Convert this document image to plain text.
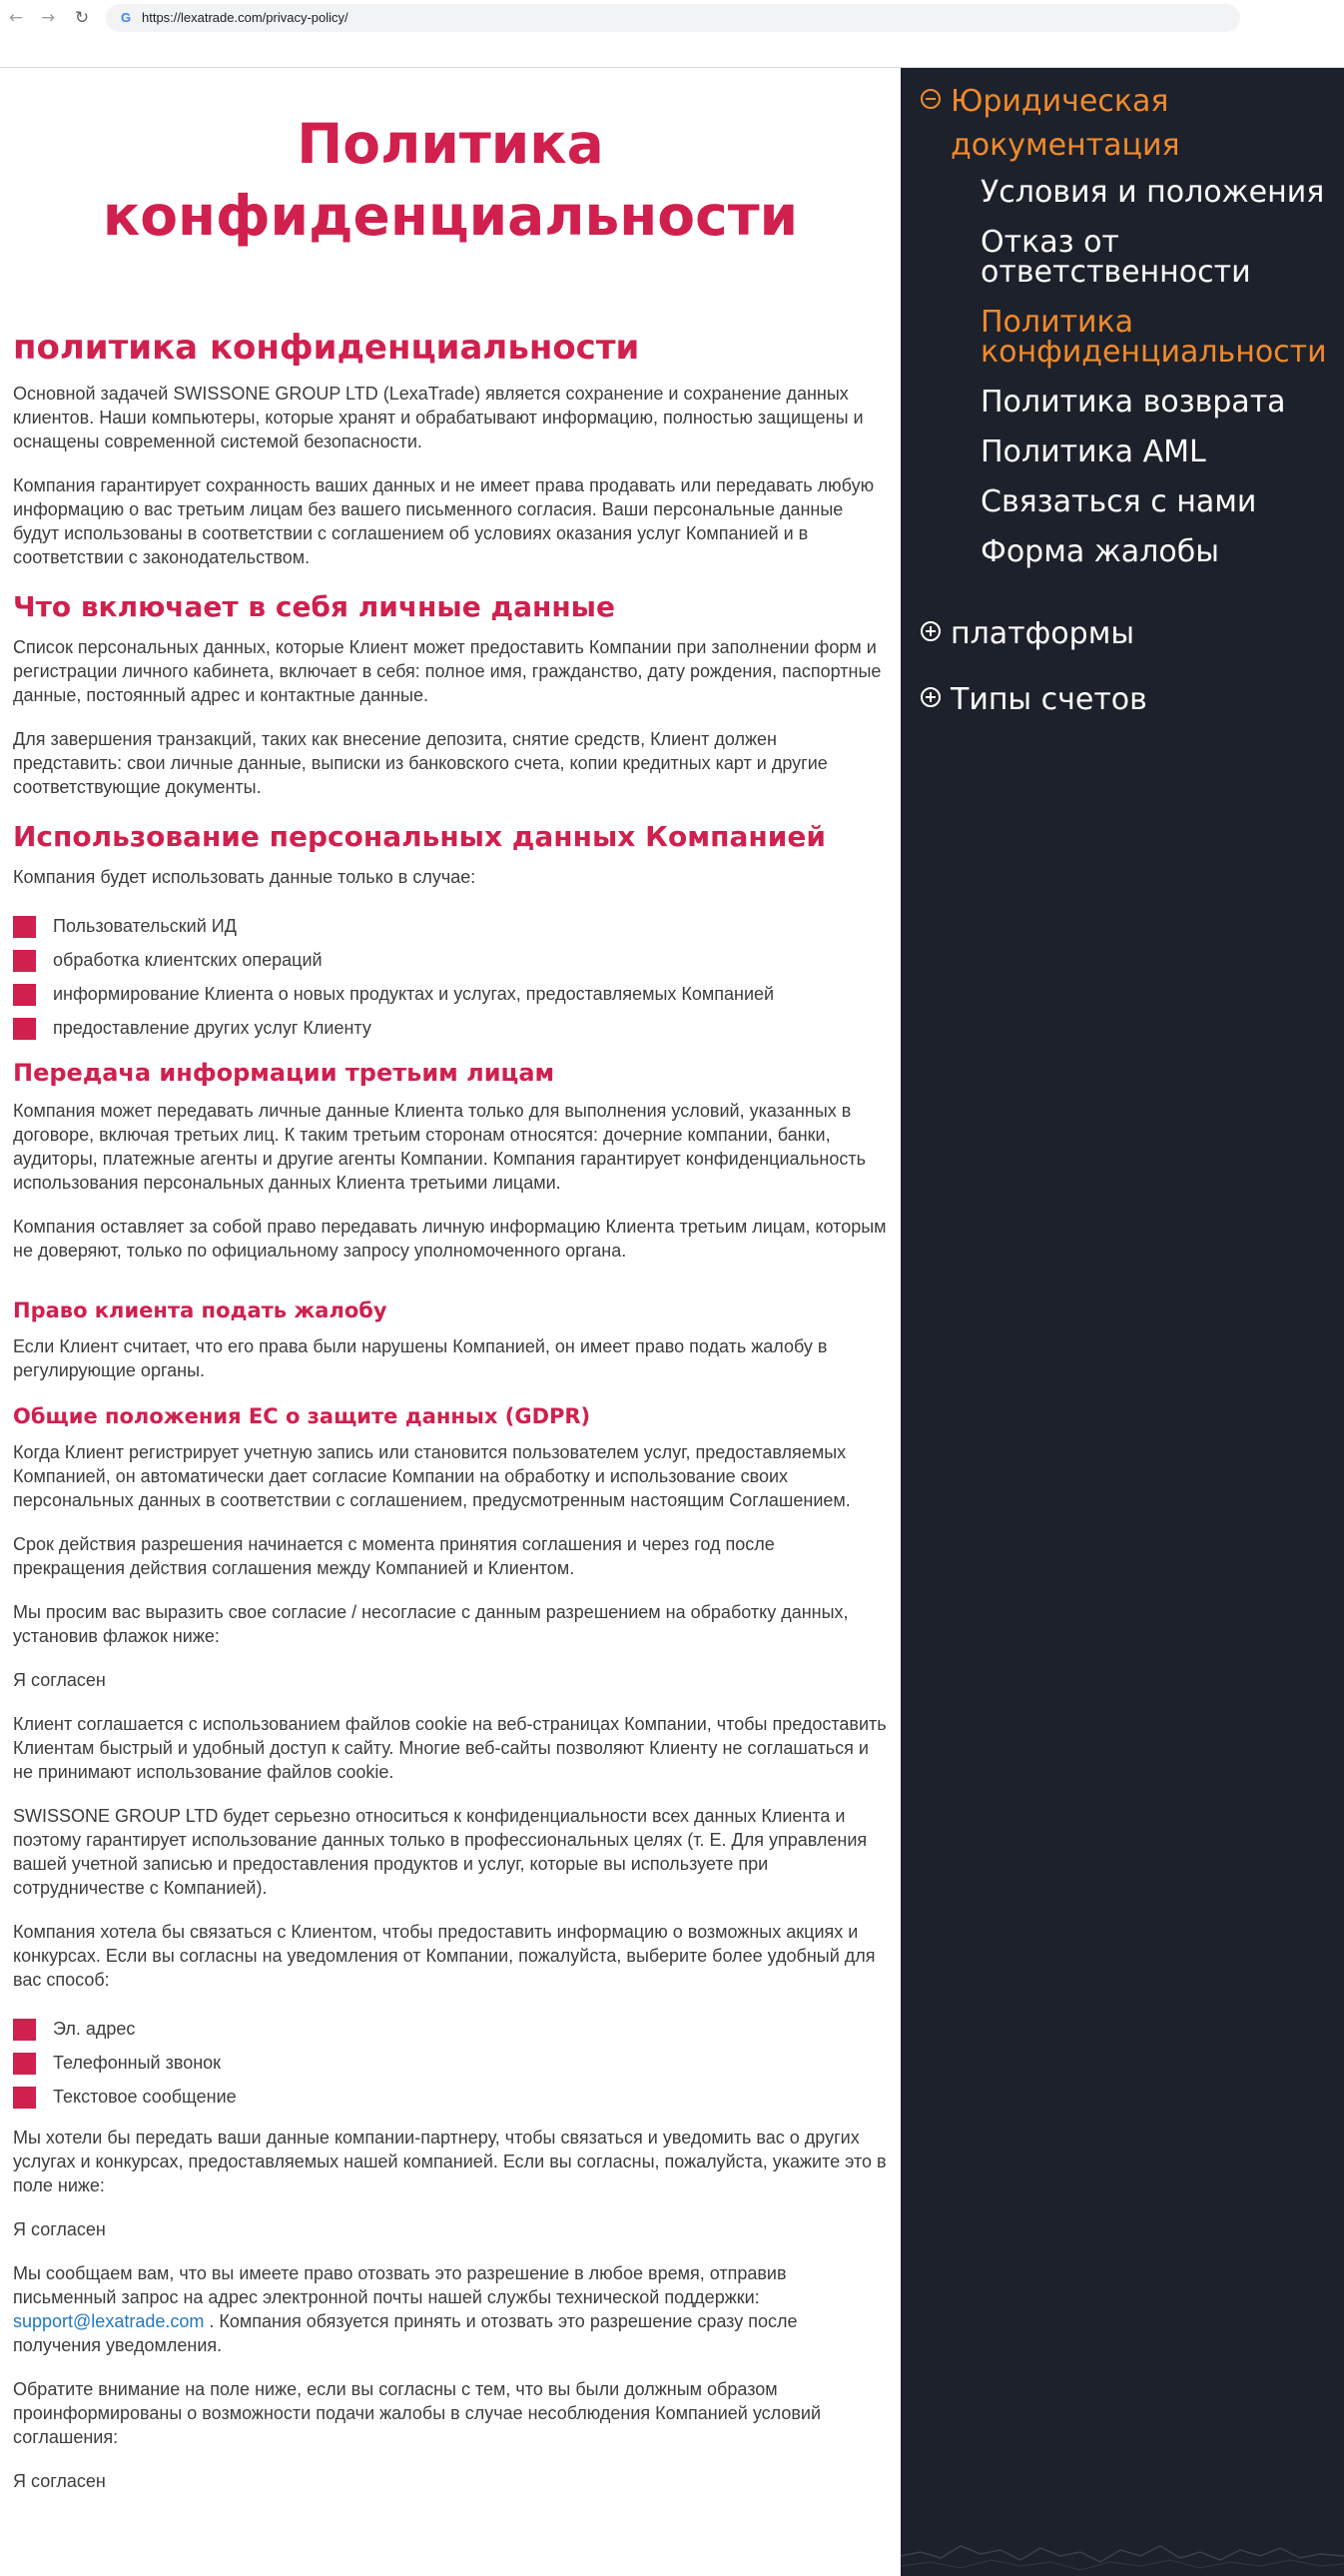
← → ↻	G https://lexatrade.com/privacy-policy/
Политика конфиденциальности
политика конфиденциальности

Основной задачей SWISSONE GROUP LTD (LexaTrade) является сохранение и сохранение данных клиентов. Наши компьютеры, которые хранят и обрабатывают информацию, полностью защищены и оснащены современной системой безопасности.

Компания гарантирует сохранность ваших данных и не имеет права продавать или передавать любую информацию о вас третьим лицам без вашего письменного согласия. Ваши персональные данные будут использованы в соответствии с соглашением об условиях оказания услуг Компанией и в соответствии с законодательством.

Что включает в себя личные данные

Список персональных данных, которые Клиент может предоставить Компании при заполнении форм и регистрации личного кабинета, включает в себя: полное имя, гражданство, дату рождения, паспортные данные, постоянный адрес и контактные данные.

Для завершения транзакций, таких как внесение депозита, снятие средств, Клиент должен представить: свои личные данные, выписки из банковского счета, копии кредитных карт и другие соответствующие документы.

Использование персональных данных Компанией

Компания будет использовать данные только в случае:

Пользовательский ИД
обработка клиентских операций
информирование Клиента о новых продуктах и услугах, предоставляемых Компанией
предоставление других услуг Клиенту
Передача информации третьим лицам

Компания может передавать личные данные Клиента только для выполнения условий, указанных в договоре, включая третьих лиц. К таким третьим сторонам относятся: дочерние компании, банки, аудиторы, платежные агенты и другие агенты Компании. Компания гарантирует конфиденциальность использования персональных данных Клиента третьими лицами.

Компания оставляет за собой право передавать личную информацию Клиента третьим лицам, которым не доверяют, только по официальному запросу уполномоченного органа.

Право клиента подать жалобу

Если Клиент считает, что его права были нарушены Компанией, он имеет право подать жалобу в регулирующие органы.

Общие положения ЕС о защите данных (GDPR)

Когда Клиент регистрирует учетную запись или становится пользователем услуг, предоставляемых Компанией, он автоматически дает согласие Компании на обработку и использование своих персональных данных в соответствии с соглашением, предусмотренным настоящим Соглашением.

Срок действия разрешения начинается с момента принятия соглашения и через год после прекращения действия соглашения между Компанией и Клиентом.

Мы просим вас выразить свое согласие / несогласие с данным разрешением на обработку данных, установив флажок ниже:

Я согласен

Клиент соглашается с использованием файлов cookie на веб-страницах Компании, чтобы предоставить Клиентам быстрый и удобный доступ к сайту. Многие веб-сайты позволяют Клиенту не соглашаться и не принимают использование файлов cookie.

SWISSONE GROUP LTD будет серьезно относиться к конфиденциальности всех данных Клиента и поэтому гарантирует использование данных только в профессиональных целях (т. Е. Для управления вашей учетной записью и предоставления продуктов и услуг, которые вы используете при сотрудничестве с Компанией).

Компания хотела бы связаться с Клиентом, чтобы предоставить информацию о возможных акциях и конкурсах. Если вы согласны на уведомления от Компании, пожалуйста, выберите более удобный для вас способ:

Эл. адрес
Телефонный звонок
Текстовое сообщение

Мы хотели бы передать ваши данные компании-партнеру, чтобы связаться и уведомить вас о других услугах и конкурсах, предоставляемых нашей компанией. Если вы согласны, пожалуйста, укажите это в поле ниже:

Я согласен

Мы сообщаем вам, что вы имеете право отозвать это разрешение в любое время, отправив письменный запрос на адрес электронной почты нашей службы технической поддержки: support@lexatrade.com . Компания обязуется принять и отозвать это разрешение сразу после получения уведомления.

Обратите внимание на поле ниже, если вы согласны с тем, что вы были должным образом проинформированы о возможности подачи жалобы в случае несоблюдения Компанией условий соглашения:

Я согласен

Юридическая
документация
Условия и положения
Отказ от ответственности
Политика конфиденциальности
Политика возврата
Политика AML
Связаться с нами
Форма жалобы
платформы
Типы счетов
